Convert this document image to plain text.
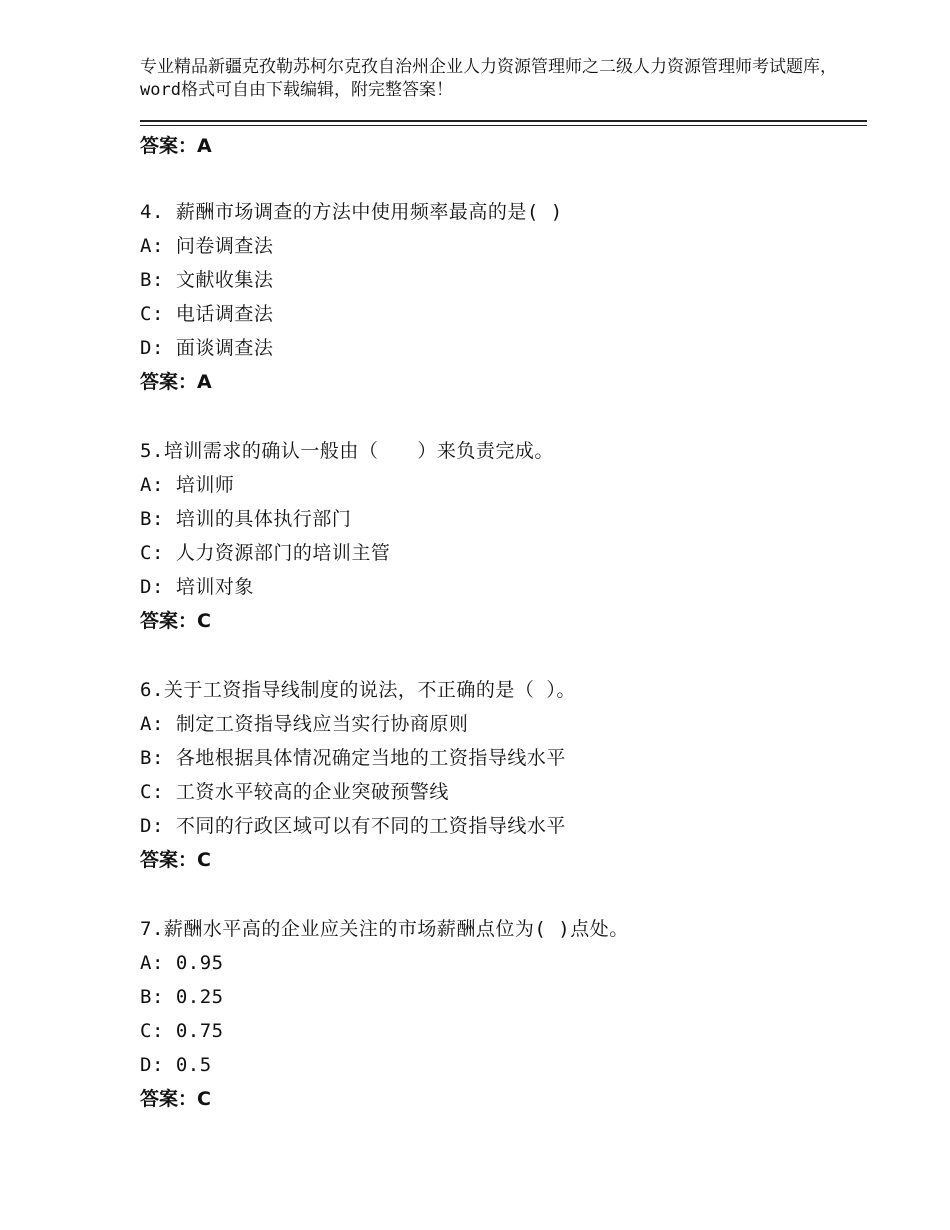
专业精品新疆克孜勒苏柯尔克孜自治州企业人力资源管理师之二级人力资源管理师考试题库，word格式可自由下载编辑，附完整答案！
答案：A
4. 薪酬市场调查的方法中使用频率最高的是( )
A: 问卷调查法
B: 文献收集法
C: 电话调查法
D: 面谈调查法
答案：A
5.培训需求的确认一般由（　　）来负责完成。
A: 培训师
B: 培训的具体执行部门
C: 人力资源部门的培训主管
D: 培训对象
答案：C
6.关于工资指导线制度的说法，不正确的是（ ）。
A: 制定工资指导线应当实行协商原则
B: 各地根据具体情况确定当地的工资指导线水平
C: 工资水平较高的企业突破预警线
D: 不同的行政区域可以有不同的工资指导线水平
答案：C
7.薪酬水平高的企业应关注的市场薪酬点位为( )点处。
A: 0.95
B: 0.25
C: 0.75
D: 0.5
答案：C
